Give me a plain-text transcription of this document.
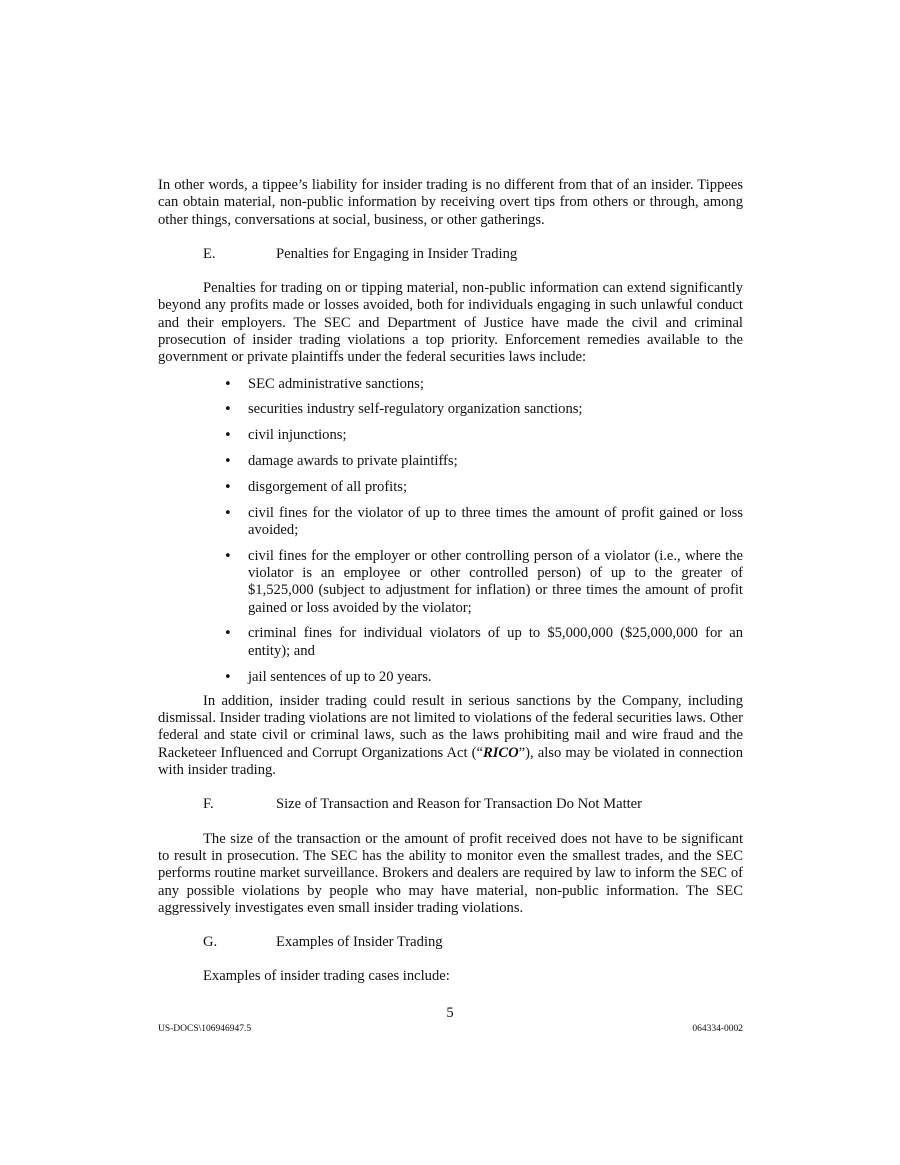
In other words, a tippee’s liability for insider trading is no different from that of an insider. Tippees can obtain material, non-public information by receiving overt tips from others or through, among other things, conversations at social, business, or other gatherings.

E.	Penalties for Engaging in Insider Trading

Penalties for trading on or tipping material, non-public information can extend significantly beyond any profits made or losses avoided, both for individuals engaging in such unlawful conduct and their employers. The SEC and Department of Justice have made the civil and criminal prosecution of insider trading violations a top priority. Enforcement remedies available to the government or private plaintiffs under the federal securities laws include:

• SEC administrative sanctions;
• securities industry self-regulatory organization sanctions;
• civil injunctions;
• damage awards to private plaintiffs;
• disgorgement of all profits;
• civil fines for the violator of up to three times the amount of profit gained or loss avoided;
• civil fines for the employer or other controlling person of a violator (i.e., where the violator is an employee or other controlled person) of up to the greater of $1,525,000 (subject to adjustment for inflation) or three times the amount of profit gained or loss avoided by the violator;
• criminal fines for individual violators of up to $5,000,000 ($25,000,000 for an entity); and
• jail sentences of up to 20 years.

In addition, insider trading could result in serious sanctions by the Company, including dismissal. Insider trading violations are not limited to violations of the federal securities laws. Other federal and state civil or criminal laws, such as the laws prohibiting mail and wire fraud and the Racketeer Influenced and Corrupt Organizations Act (“RICO”), also may be violated in connection with insider trading.

F.	Size of Transaction and Reason for Transaction Do Not Matter

The size of the transaction or the amount of profit received does not have to be significant to result in prosecution. The SEC has the ability to monitor even the smallest trades, and the SEC performs routine market surveillance. Brokers and dealers are required by law to inform the SEC of any possible violations by people who may have material, non-public information. The SEC aggressively investigates even small insider trading violations.

G.	Examples of Insider Trading

Examples of insider trading cases include:

5
US-DOCS\106946947.5	064334-0002
